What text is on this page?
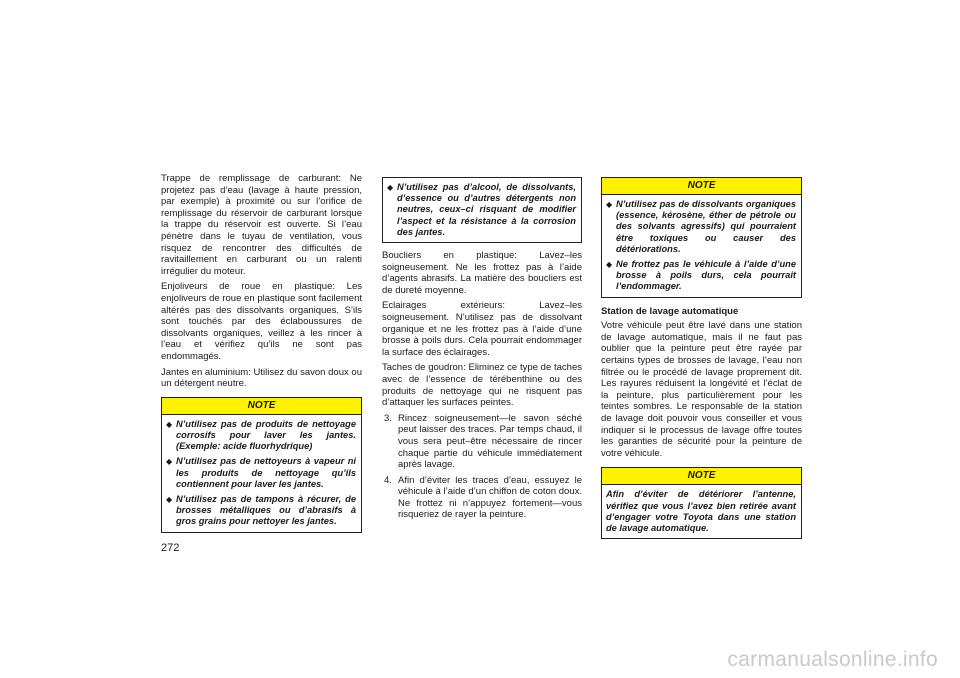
Trappe de remplissage de carburant: Ne projetez pas d’eau (lavage à haute pression, par exemple) à proximité ou sur l’orifice de remplissage du réservoir de carburant lorsque la trappe du réservoir est ouverte. Si l’eau pénètre dans le tuyau de ventilation, vous risquez de rencontrer des difficultés de ravitaillement en carburant ou un ralenti irrégulier du moteur.

Enjoliveurs de roue en plastique: Les enjoliveurs de roue en plastique sont facilement altérés pas des dissolvants organiques. S’ils sont touchés par des éclaboussures de dissolvants organiques, veillez à les rincer à l’eau et vérifiez qu’ils ne sont pas endommagés.

Jantes en aluminium: Utilisez du savon doux ou un détergent neutre.

NOTE
◆ N’utilisez pas de produits de nettoyage corrosifs pour laver les jantes. (Exemple: acide fluorhydrique)
◆ N’utilisez pas de nettoyeurs à vapeur ni les produits de nettoyage qu’ils contiennent pour laver les jantes.
◆ N’utilisez pas de tampons à récurer, de brosses métalliques ou d’abrasifs à gros grains pour nettoyer les jantes.
◆ N’utilisez pas d’alcool, de dissolvants, d’essence ou d’autres détergents non neutres, ceux–ci risquant de modifier l’aspect et la résistance à la corrosion des jantes.

Boucliers en plastique: Lavez–les soigneusement. Ne les frottez pas à l’aide d’agents abrasifs. La matière des boucliers est de dureté moyenne.

Eclairages extérieurs: Lavez–les soigneusement. N’utilisez pas de dissolvant organique et ne les frottez pas à l’aide d’une brosse à poils durs. Cela pourrait endommager la surface des éclairages.

Taches de goudron: Eliminez ce type de taches avec de l’essence de térébenthine ou des produits de nettoyage qui ne risquent pas d’attaquer les surfaces peintes.

3. Rincez soigneusement—le savon séché peut laisser des traces. Par temps chaud, il vous sera peut–être nécessaire de rincer chaque partie du véhicule immédiatement après lavage.
4. Afin d’éviter les traces d’eau, essuyez le véhicule à l’aide d’un chiffon de coton doux. Ne frottez ni n’appuyez fortement—vous risqueriez de rayer la peinture.
NOTE
◆ N’utilisez pas de dissolvants organiques (essence, kérosène, éther de pétrole ou des solvants agressifs) qui pourraient être toxiques ou causer des détériorations.
◆ Ne frottez pas le véhicule à l’aide d’une brosse à poils durs, cela pourrait l’endommager.
Station de lavage automatique

Votre véhicule peut être lavé dans une station de lavage automatique, mais il ne faut pas oublier que la peinture peut être rayée par certains types de brosses de lavage, l’eau non filtrée ou le procédé de lavage proprement dit. Les rayures réduisent la longévité et l’éclat de la peinture, plus particulièrement pour les teintes sombres. Le responsable de la station de lavage doit pouvoir vous conseiller et vous indiquer si le processus de lavage offre toutes les garanties de sécurité pour la peinture de votre véhicule.

NOTE
Afin d’éviter de détériorer l’antenne, vérifiez que vous l’avez bien retirée avant d’engager votre Toyota dans une station de lavage automatique.
272
carmanualsonline.info
